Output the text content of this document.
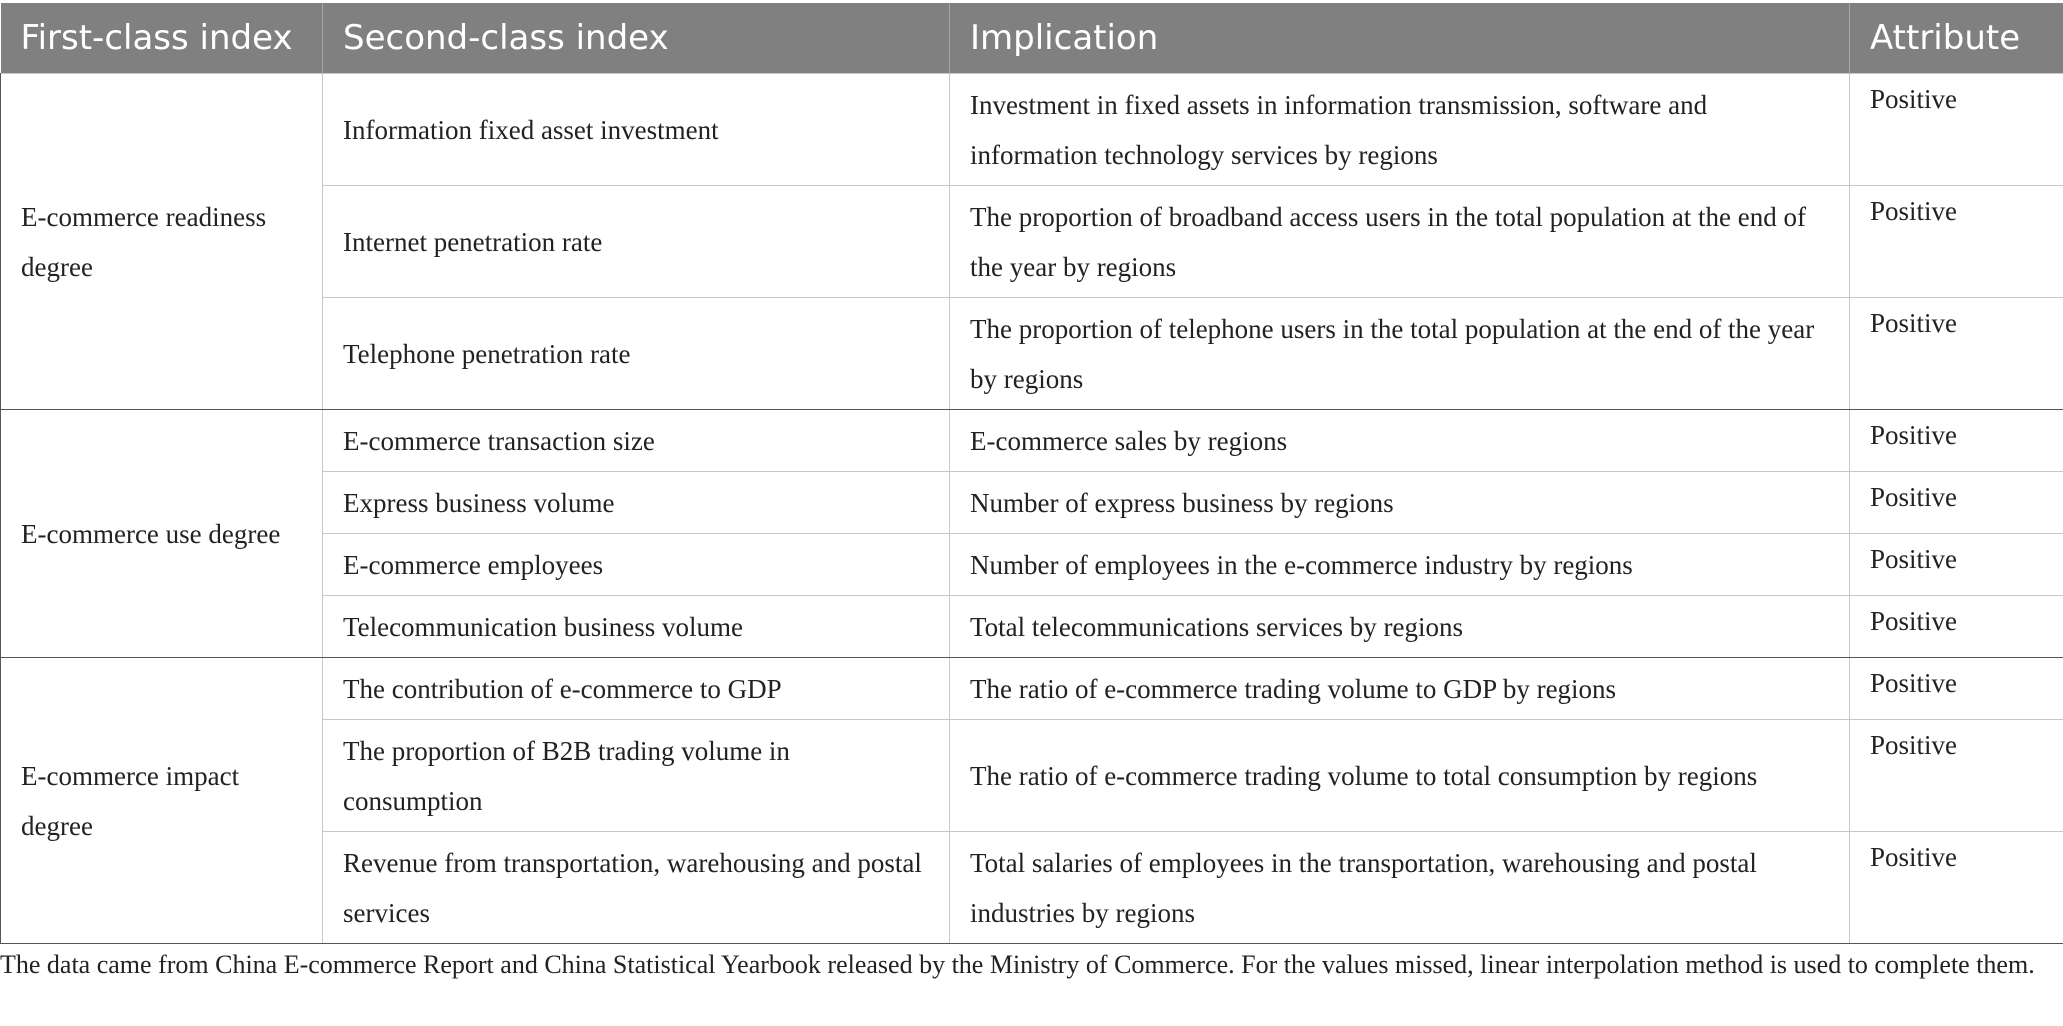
First-class index	Second-class index	Implication	Attribute
E-commerce readiness degree	Information fixed asset investment	Investment in fixed assets in information transmission, software and information technology services by regions	Positive
	Internet penetration rate	The proportion of broadband access users in the total population at the end of the year by regions	Positive
	Telephone penetration rate	The proportion of telephone users in the total population at the end of the year by regions	Positive
E-commerce use degree	E-commerce transaction size	E-commerce sales by regions	Positive
	Express business volume	Number of express business by regions	Positive
	E-commerce employees	Number of employees in the e-commerce industry by regions	Positive
	Telecommunication business volume	Total telecommunications services by regions	Positive
E-commerce impact degree	The contribution of e-commerce to GDP	The ratio of e-commerce trading volume to GDP by regions	Positive
	The proportion of B2B trading volume in consumption	The ratio of e-commerce trading volume to total consumption by regions	Positive
	Revenue from transportation, warehousing and postal services	Total salaries of employees in the transportation, warehousing and postal industries by regions	Positive
The data came from China E-commerce Report and China Statistical Yearbook released by the Ministry of Commerce. For the values missed, linear interpolation method is used to complete them.
